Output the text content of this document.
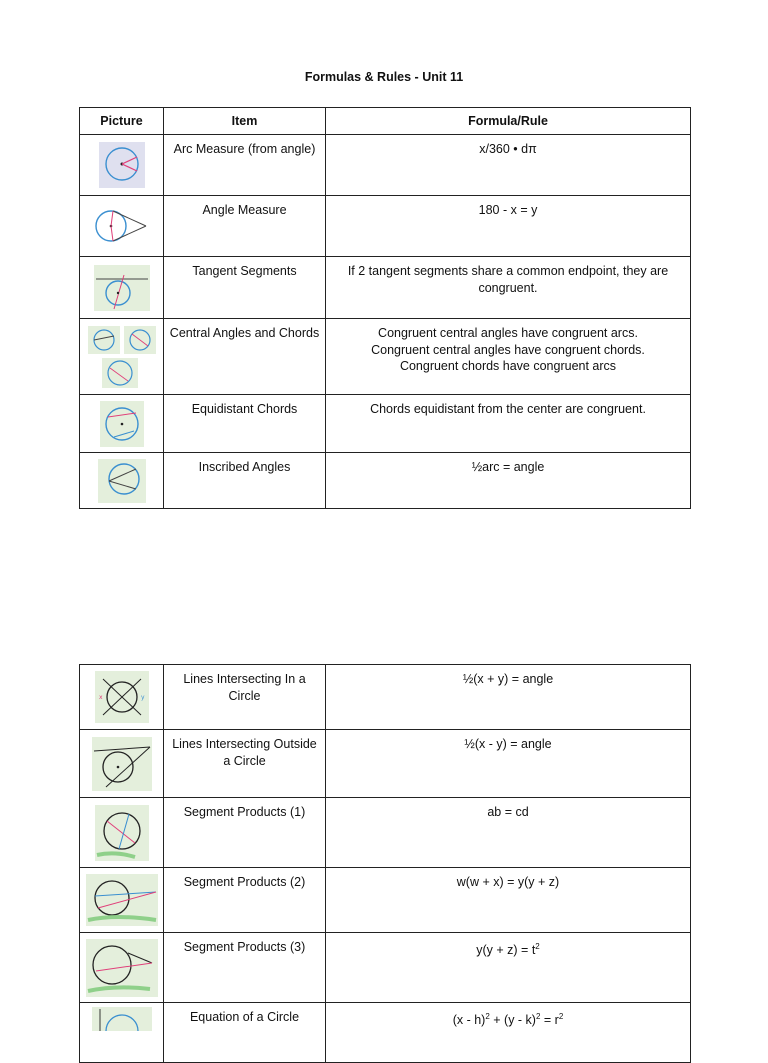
Formulas & Rules - Unit 11
Picture	Item	Formula/Rule

	Arc Measure (from angle)	x/360 • dπ

	Angle Measure	180 - x = y

	Tangent Segments	If 2 tangent segments share a common endpoint, they are congruent.

	Central Angles and Chords	Congruent central angles have congruent arcs.
Congruent central angles have congruent chords.
Congruent chords have congruent arcs

	Equidistant Chords	Chords equidistant from the center are congruent.

	Inscribed Angles	½arc = angle
x y	Lines Intersecting In a Circle	½(x + y) = angle

	Lines Intersecting Outside a Circle	½(x - y) = angle

	Segment Products (1)	ab = cd

	Segment Products (2)	w(w + x) = y(y + z)

	Segment Products (3)	$y(y + z) = t^2$

	Equation of a Circle	$(x - h)^2 + (y - k)^2 = r^2$
